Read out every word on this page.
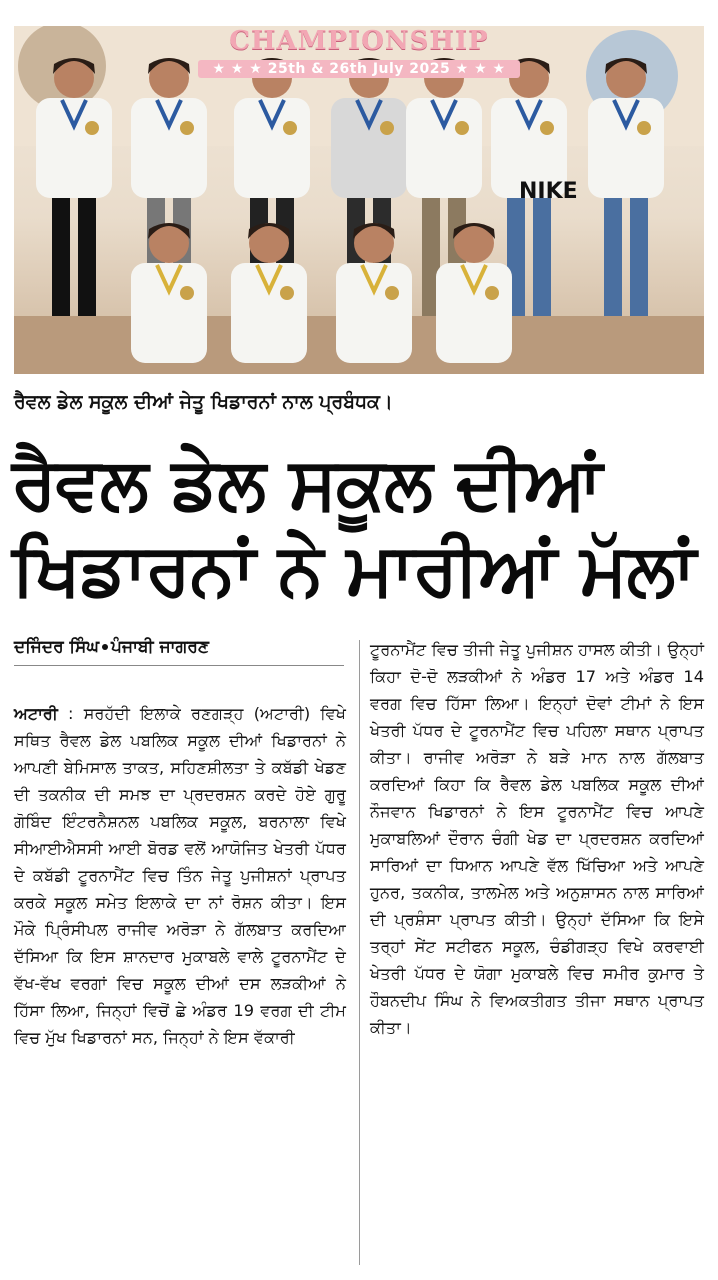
NIKE
CHAMPIONSHIP
★ ★ ★ 25th & 26th July 2025 ★ ★ ★
ਰੈਵਲ ਡੇਲ ਸਕੂਲ ਦੀਆਂ ਜੇਤੂ ਖਿਡਾਰਨਾਂ ਨਾਲ ਪ੍ਰਬੰਧਕ।
ਰੈਵਲ ਡੇਲ ਸਕੂਲ ਦੀਆਂ
ਖਿਡਾਰਨਾਂ ਨੇ ਮਾਰੀਆਂ ਮੱਲਾਂ
ਦਜਿੰਦਰ ਸਿੰਘ ਪੰਜਾਬੀ ਜਾਗਰਣ
ਅਟਾਰੀ : ਸਰਹੱਦੀ ਇਲਾਕੇ ਰਣਗੜ੍ਹ (ਅਟਾਰੀ) ਵਿਖੇ ਸਥਿਤ ਰੈਵਲ ਡੇਲ ਪਬਲਿਕ ਸਕੂਲ ਦੀਆਂ ਖਿਡਾਰਨਾਂ ਨੇ ਆਪਣੀ ਬੇਮਿਸਾਲ ਤਾਕਤ, ਸਹਿਣਸ਼ੀਲਤਾ ਤੇ ਕਬੱਡੀ ਖੇਡਣ ਦੀ ਤਕਨੀਕ ਦੀ ਸਮਝ ਦਾ ਪ੍ਰਦਰਸ਼ਨ ਕਰਦੇ ਹੋਏ ਗੁਰੂ ਗੋਬਿੰਦ ਇੰਟਰਨੈਸ਼ਨਲ ਪਬਲਿਕ ਸਕੂਲ, ਬਰਨਾਲਾ ਵਿਖੇ ਸੀਆਈਐਸਸੀ ਆਈ ਬੋਰਡ ਵਲੋਂ ਆਯੋਜਿਤ ਖੇਤਰੀ ਪੱਧਰ ਦੇ ਕਬੱਡੀ ਟੂਰਨਾਮੈਂਟ ਵਿਚ ਤਿੰਨ ਜੇਤੂ ਪੁਜੀਸ਼ਨਾਂ ਪ੍ਰਾਪਤ ਕਰਕੇ ਸਕੂਲ ਸਮੇਤ ਇਲਾਕੇ ਦਾ ਨਾਂ ਰੋਸ਼ਨ ਕੀਤਾ। ਇਸ ਮੌਕੇ ਪ੍ਰਿੰਸੀਪਲ ਰਾਜੀਵ ਅਰੋੜਾ ਨੇ ਗੱਲਬਾਤ ਕਰਦਿਆ ਦੱਸਿਆ ਕਿ ਇਸ ਸ਼ਾਨਦਾਰ ਮੁਕਾਬਲੇ ਵਾਲੇ ਟੂਰਨਾਮੈਂਟ ਦੇ ਵੱਖ-ਵੱਖ ਵਰਗਾਂ ਵਿਚ ਸਕੂਲ ਦੀਆਂ ਦਸ ਲੜਕੀਆਂ ਨੇ ਹਿੱਸਾ ਲਿਆ, ਜਿਨ੍ਹਾਂ ਵਿਚੋਂ ਛੇ ਅੰਡਰ 19 ਵਰਗ ਦੀ ਟੀਮ ਵਿਚ ਮੁੱਖ ਖਿਡਾਰਨਾਂ ਸਨ, ਜਿਨ੍ਹਾਂ ਨੇ ਇਸ ਵੱਕਾਰੀ
ਟੂਰਨਾਮੈਂਟ ਵਿਚ ਤੀਜੀ ਜੇਤੂ ਪੁਜੀਸ਼ਨ ਹਾਸਲ ਕੀਤੀ। ਉਨ੍ਹਾਂ ਕਿਹਾ ਦੋ-ਦੋ ਲੜਕੀਆਂ ਨੇ ਅੰਡਰ 17 ਅਤੇ ਅੰਡਰ 14 ਵਰਗ ਵਿਚ ਹਿੱਸਾ ਲਿਆ। ਇਨ੍ਹਾਂ ਦੋਵਾਂ ਟੀਮਾਂ ਨੇ ਇਸ ਖੇਤਰੀ ਪੱਧਰ ਦੇ ਟੂਰਨਾਮੈਂਟ ਵਿਚ ਪਹਿਲਾ ਸਥਾਨ ਪ੍ਰਾਪਤ ਕੀਤਾ। ਰਾਜੀਵ ਅਰੋੜਾ ਨੇ ਬੜੇ ਮਾਨ ਨਾਲ ਗੱਲਬਾਤ ਕਰਦਿਆਂ ਕਿਹਾ ਕਿ ਰੈਵਲ ਡੇਲ ਪਬਲਿਕ ਸਕੂਲ ਦੀਆਂ ਨੌਜਵਾਨ ਖਿਡਾਰਨਾਂ ਨੇ ਇਸ ਟੂਰਨਾਮੈਂਟ ਵਿਚ ਆਪਣੇ ਮੁਕਾਬਲਿਆਂ ਦੌਰਾਨ ਚੰਗੀ ਖੇਡ ਦਾ ਪ੍ਰਦਰਸ਼ਨ ਕਰਦਿਆਂ ਸਾਰਿਆਂ ਦਾ ਧਿਆਨ ਆਪਣੇ ਵੱਲ ਖਿੱਚਿਆ ਅਤੇ ਆਪਣੇ ਹੁਨਰ, ਤਕਨੀਕ, ਤਾਲਮੇਲ ਅਤੇ ਅਨੁਸ਼ਾਸਨ ਨਾਲ ਸਾਰਿਆਂ ਦੀ ਪ੍ਰਸ਼ੰਸਾ ਪ੍ਰਾਪਤ ਕੀਤੀ। ਉਨ੍ਹਾਂ ਦੱਸਿਆ ਕਿ ਇਸੇ ਤਰ੍ਹਾਂ ਸੇਂਟ ਸਟੀਫਨ ਸਕੂਲ, ਚੰਡੀਗੜ੍ਹ ਵਿਖੇ ਕਰਵਾਈ ਖੇਤਰੀ ਪੱਧਰ ਦੇ ਯੋਗਾ ਮੁਕਾਬਲੇ ਵਿਚ ਸਮੀਰ ਕੁਮਾਰ ਤੇ ਹੌਬਨਦੀਪ ਸਿੰਘ ਨੇ ਵਿਅਕਤੀਗਤ ਤੀਜਾ ਸਥਾਨ ਪ੍ਰਾਪਤ ਕੀਤਾ।
